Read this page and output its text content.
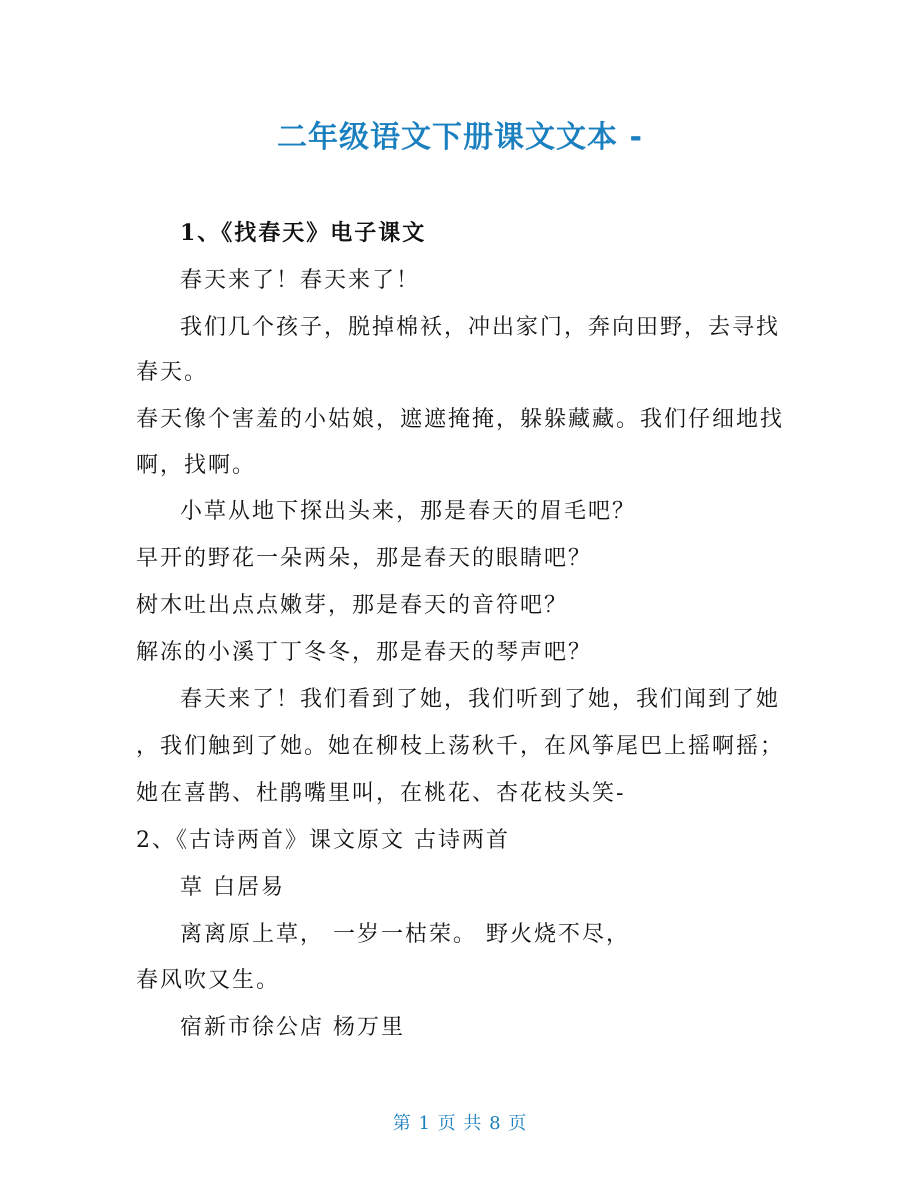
二年级语文下册课文文本 -
1、《找春天》电子课文
春天来了！春天来了！
我们几个孩子，脱掉棉袄，冲出家门，奔向田野，去寻找
春天。
春天像个害羞的小姑娘，遮遮掩掩，躲躲藏藏。我们仔细地找
啊，找啊。
小草从地下探出头来，那是春天的眉毛吧？
早开的野花一朵两朵，那是春天的眼睛吧？
树木吐出点点嫩芽，那是春天的音符吧？
解冻的小溪丁丁冬冬，那是春天的琴声吧？
春天来了！我们看到了她，我们听到了她，我们闻到了她
，我们触到了她。她在柳枝上荡秋千，在风筝尾巴上摇啊摇；
她在喜鹊、杜鹃嘴里叫，在桃花、杏花枝头笑-
2、《古诗两首》课文原文 古诗两首
草 白居易
离离原上草， 一岁一枯荣。 野火烧不尽，
春风吹又生。
宿新市徐公店 杨万里
第 1 页 共 8 页
